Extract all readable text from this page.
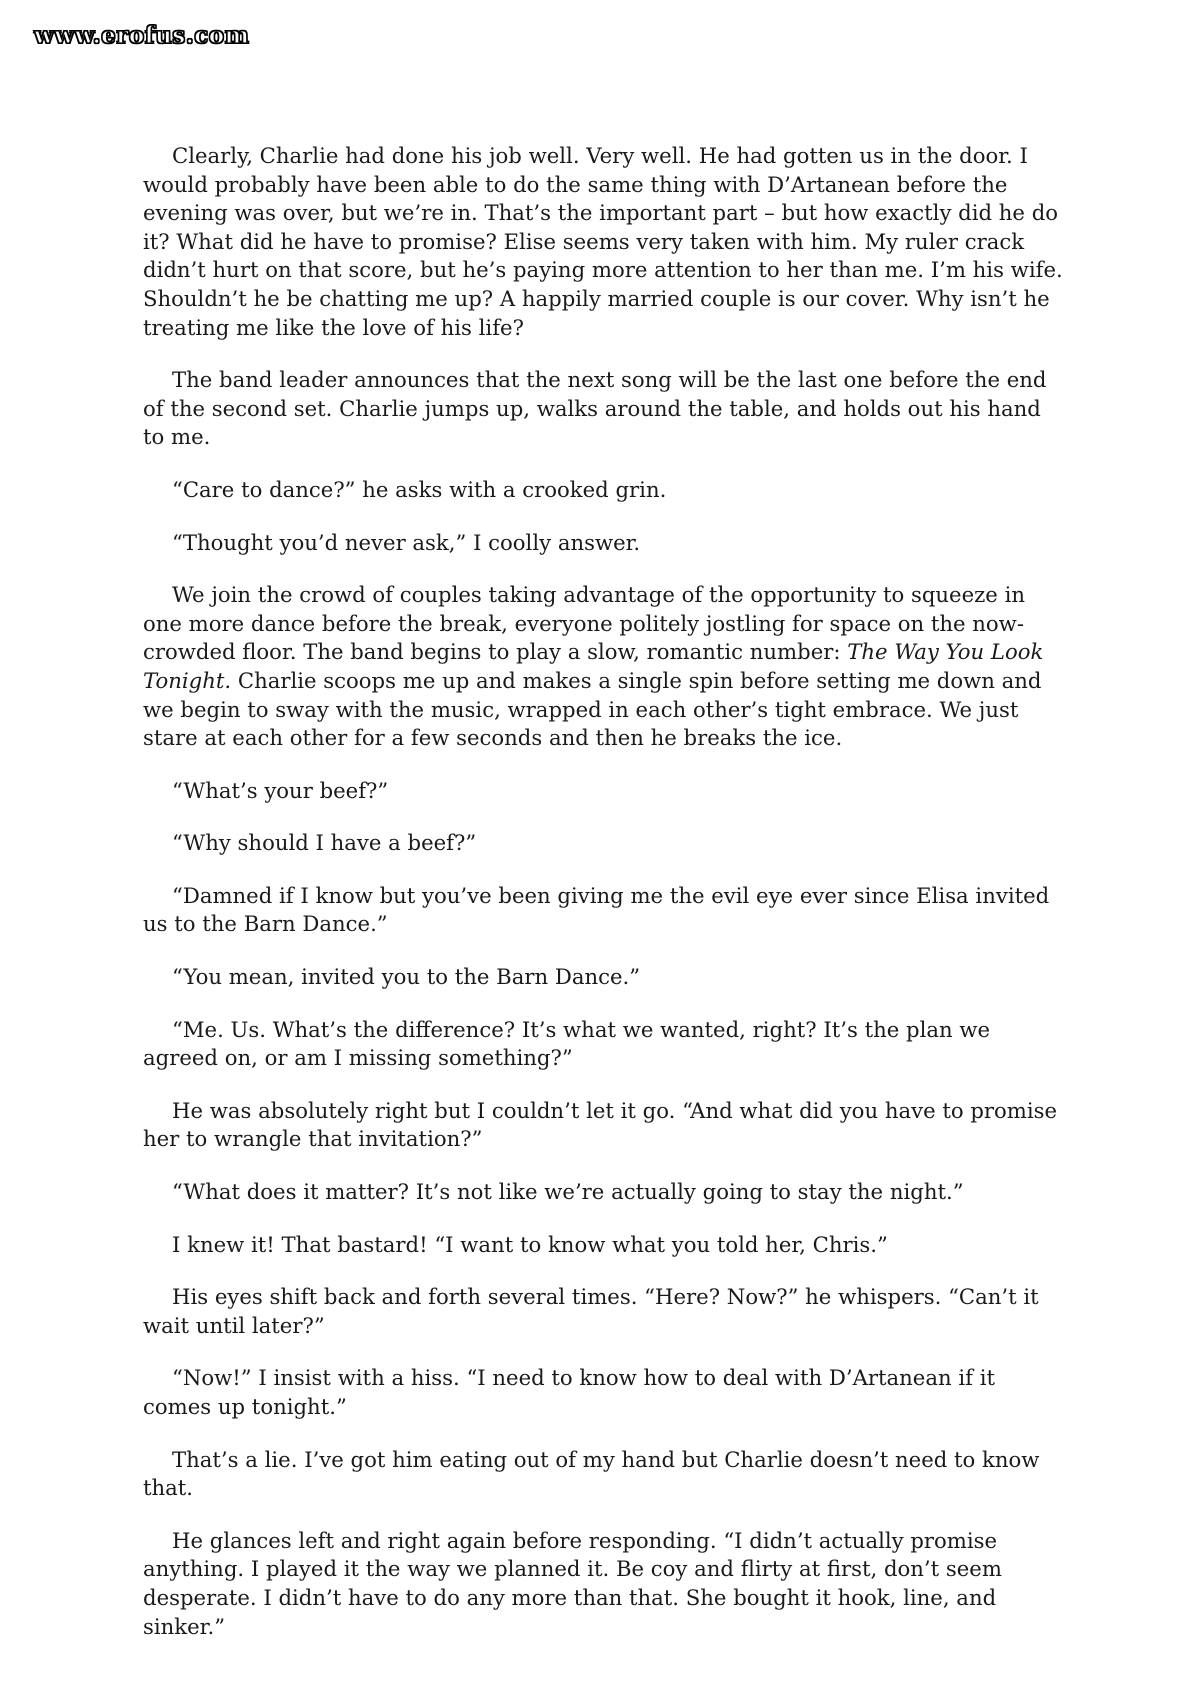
www.erofus.com

Clearly, Charlie had done his job well. Very well. He had gotten us in the door. I would probably have been able to do the same thing with D’Artanean before the evening was over, but we’re in. That’s the important part – but how exactly did he do it? What did he have to promise? Elise seems very taken with him. My ruler crack didn’t hurt on that score, but he’s paying more attention to her than me. I’m his wife. Shouldn’t he be chatting me up? A happily married couple is our cover. Why isn’t he treating me like the love of his life?

The band leader announces that the next song will be the last one before the end of the second set. Charlie jumps up, walks around the table, and holds out his hand to me.

“Care to dance?” he asks with a crooked grin.

“Thought you’d never ask,” I coolly answer.

We join the crowd of couples taking advantage of the opportunity to squeeze in one more dance before the break, everyone politely jostling for space on the now-crowded floor. The band begins to play a slow, romantic number: The Way You Look Tonight. Charlie scoops me up and makes a single spin before setting me down and we begin to sway with the music, wrapped in each other’s tight embrace. We just stare at each other for a few seconds and then he breaks the ice.

“What’s your beef?”

“Why should I have a beef?”

“Damned if I know but you’ve been giving me the evil eye ever since Elisa invited us to the Barn Dance.”

“You mean, invited you to the Barn Dance.”

“Me. Us. What’s the difference? It’s what we wanted, right? It’s the plan we agreed on, or am I missing something?”

He was absolutely right but I couldn’t let it go. “And what did you have to promise her to wrangle that invitation?”

“What does it matter? It’s not like we’re actually going to stay the night.”

I knew it! That bastard! “I want to know what you told her, Chris.”

His eyes shift back and forth several times. “Here? Now?” he whispers. “Can’t it wait until later?”

“Now!” I insist with a hiss. “I need to know how to deal with D’Artanean if it comes up tonight.”

That’s a lie. I’ve got him eating out of my hand but Charlie doesn’t need to know that.

He glances left and right again before responding. “I didn’t actually promise anything. I played it the way we planned it. Be coy and flirty at first, don’t seem desperate. I didn’t have to do any more than that. She bought it hook, line, and sinker.”
